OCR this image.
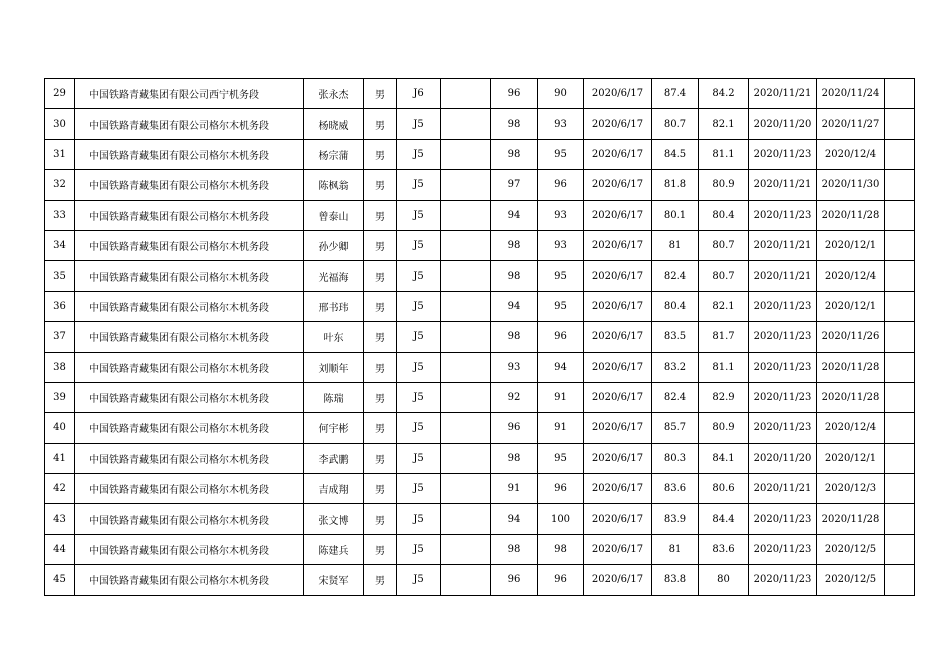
29	中国铁路青藏集团有限公司西宁机务段	张永杰	男	J6		96	90	2020/6/17	87.4	84.2	2020/11/21	2020/11/24	
30	中国铁路青藏集团有限公司格尔木机务段	杨晓威	男	J5		98	93	2020/6/17	80.7	82.1	2020/11/20	2020/11/27	
31	中国铁路青藏集团有限公司格尔木机务段	杨宗蒲	男	J5		98	95	2020/6/17	84.5	81.1	2020/11/23	2020/12/4	
32	中国铁路青藏集团有限公司格尔木机务段	陈枫翁	男	J5		97	96	2020/6/17	81.8	80.9	2020/11/21	2020/11/30	
33	中国铁路青藏集团有限公司格尔木机务段	曾泰山	男	J5		94	93	2020/6/17	80.1	80.4	2020/11/23	2020/11/28	
34	中国铁路青藏集团有限公司格尔木机务段	孙少卿	男	J5		98	93	2020/6/17	81	80.7	2020/11/21	2020/12/1	
35	中国铁路青藏集团有限公司格尔木机务段	光福海	男	J5		98	95	2020/6/17	82.4	80.7	2020/11/21	2020/12/4	
36	中国铁路青藏集团有限公司格尔木机务段	邢书玮	男	J5		94	95	2020/6/17	80.4	82.1	2020/11/23	2020/12/1	
37	中国铁路青藏集团有限公司格尔木机务段	叶东	男	J5		98	96	2020/6/17	83.5	81.7	2020/11/23	2020/11/26	
38	中国铁路青藏集团有限公司格尔木机务段	刘顺年	男	J5		93	94	2020/6/17	83.2	81.1	2020/11/23	2020/11/28	
39	中国铁路青藏集团有限公司格尔木机务段	陈瑞	男	J5		92	91	2020/6/17	82.4	82.9	2020/11/23	2020/11/28	
40	中国铁路青藏集团有限公司格尔木机务段	何宇彬	男	J5		96	91	2020/6/17	85.7	80.9	2020/11/23	2020/12/4	
41	中国铁路青藏集团有限公司格尔木机务段	李武鹏	男	J5		98	95	2020/6/17	80.3	84.1	2020/11/20	2020/12/1	
42	中国铁路青藏集团有限公司格尔木机务段	吉成翔	男	J5		91	96	2020/6/17	83.6	80.6	2020/11/21	2020/12/3	
43	中国铁路青藏集团有限公司格尔木机务段	张文博	男	J5		94	100	2020/6/17	83.9	84.4	2020/11/23	2020/11/28	
44	中国铁路青藏集团有限公司格尔木机务段	陈建兵	男	J5		98	98	2020/6/17	81	83.6	2020/11/23	2020/12/5	
45	中国铁路青藏集团有限公司格尔木机务段	宋贤军	男	J5		96	96	2020/6/17	83.8	80	2020/11/23	2020/12/5	
